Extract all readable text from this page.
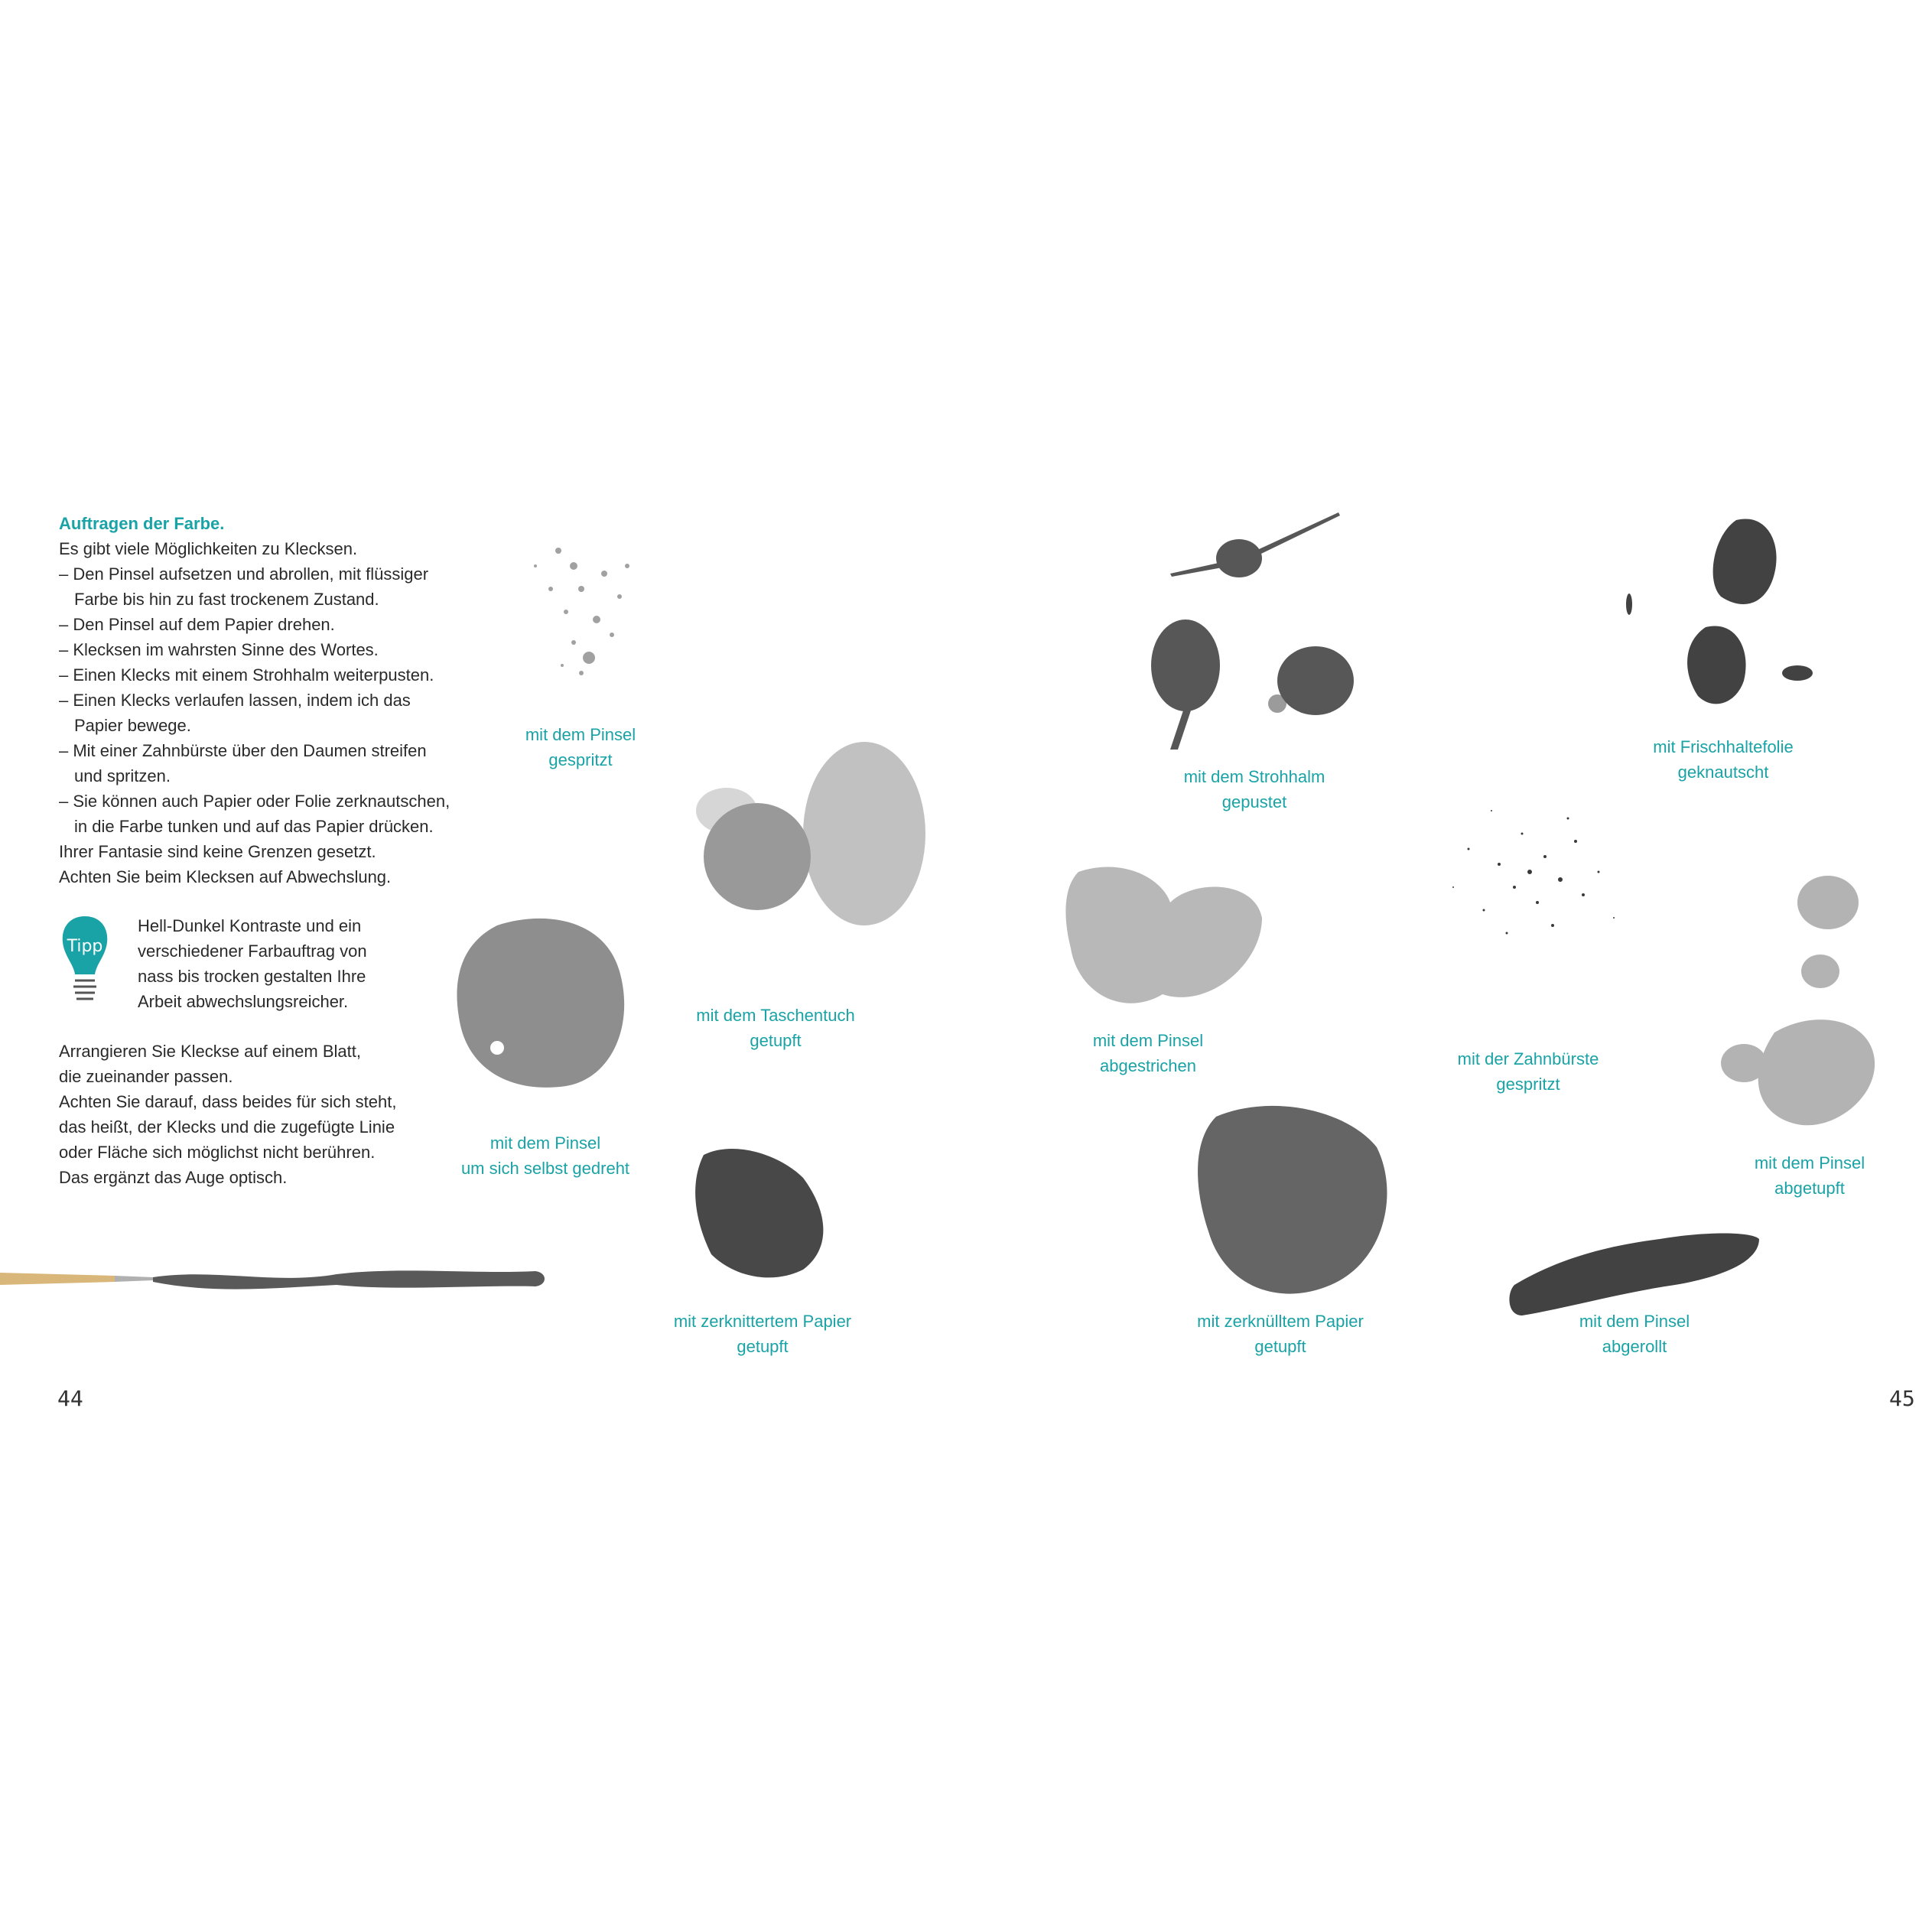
Auftragen der Farbe.
Es gibt viele Möglichkeiten zu Klecksen.
– Den Pinsel aufsetzen und abrollen, mit flüssiger
Farbe bis hin zu fast trockenem Zustand.
– Den Pinsel auf dem Papier drehen.
– Klecksen im wahrsten Sinne des Wortes.
– Einen Klecks mit einem Strohhalm weiterpusten.
– Einen Klecks verlaufen lassen, indem ich das
Papier bewege.
– Mit einer Zahnbürste über den Daumen streifen
und spritzen.
– Sie können auch Papier oder Folie zerknautschen,
in die Farbe tunken und auf das Papier drücken.
Ihrer Fantasie sind keine Grenzen gesetzt.
Achten Sie beim Klecksen auf Abwechslung.
Tipp
Hell-Dunkel Kontraste und ein
verschiedener Farbauftrag von
nass bis trocken gestalten Ihre
Arbeit abwechslungsreicher.
Arrangieren Sie Kleckse auf einem Blatt,
die zueinander passen.
Achten Sie darauf, dass beides für sich steht,
das heißt, der Klecks und die zugefügte Linie
oder Fläche sich möglichst nicht berühren.
Das ergänzt das Auge optisch.
mit dem Pinsel
gespritzt
mit dem Taschentuch
getupft
mit dem Pinsel
um sich selbst gedreht
mit zerknittertem Papier
getupft
mit dem Strohhalm
gepustet
mit Frischhaltefolie
geknautscht
mit dem Pinsel
abgestrichen	mit der Zahnbürste
gespritzt
mit dem Pinsel
abgetupft
mit zerknülltem Papier
getupft
mit dem Pinsel
abgerollt
44	45
